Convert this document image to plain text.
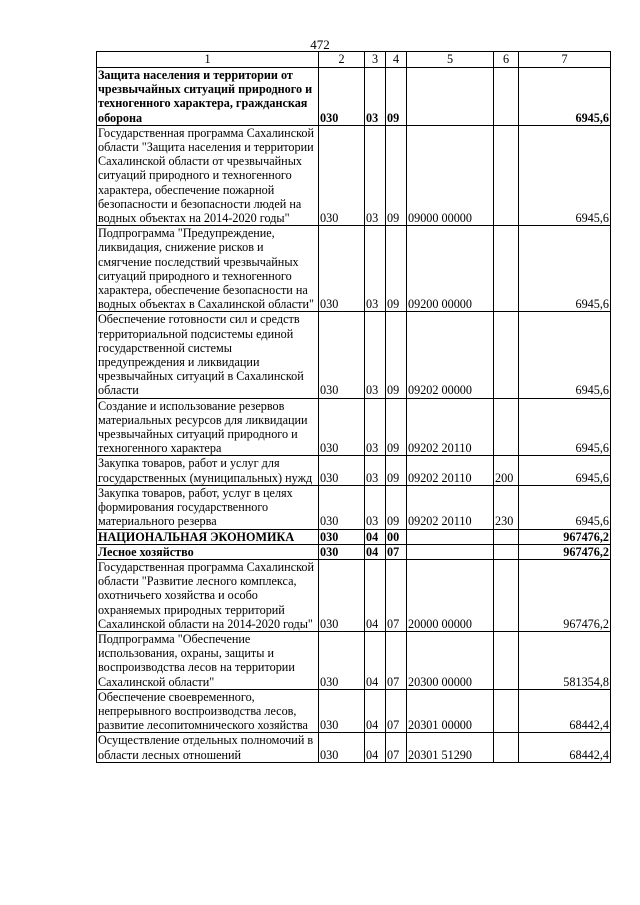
472
1	2	3	4	5	6	7
Защита населения и территории от чрезвычайных ситуаций природного и техногенного характера, гражданская оборона	030	03	09			6945,6
Государственная программа Сахалинской области "Защита населения и территории Сахалинской области от чрезвычайных ситуаций природного и техногенного характера, обеспечение пожарной безопасности и безопасности людей на водных объектах на 2014-2020 годы"	030	03	09	09000 00000		6945,6
Подпрограмма "Предупреждение, ликвидация, снижение рисков и смягчение последствий чрезвычайных ситуаций природного и техногенного характера, обеспечение безопасности на водных объектах в Сахалинской области"	030	03	09	09200 00000		6945,6
Обеспечение готовности сил и средств территориальной подсистемы единой государственной системы предупреждения и ликвидации чрезвычайных ситуаций в Сахалинской области	030	03	09	09202 00000		6945,6
Создание и использование резервов материальных ресурсов для ликвидации чрезвычайных ситуаций природного и техногенного характера	030	03	09	09202 20110		6945,6
Закупка товаров, работ и услуг для государственных (муниципальных) нужд	030	03	09	09202 20110	200	6945,6
Закупка товаров, работ, услуг в целях формирования государственного материального резерва	030	03	09	09202 20110	230	6945,6
НАЦИОНАЛЬНАЯ ЭКОНОМИКА	030	04	00			967476,2
Лесное хозяйство	030	04	07			967476,2
Государственная программа Сахалинской области "Развитие лесного комплекса, охотничьего хозяйства и особо охраняемых природных территорий Сахалинской области на 2014-2020 годы"	030	04	07	20000 00000		967476,2
Подпрограмма "Обеспечение использования, охраны, защиты и воспроизводства лесов на территории Сахалинской области"	030	04	07	20300 00000		581354,8
Обеспечение своевременного, непрерывного воспроизводства лесов, развитие лесопитомнического хозяйства	030	04	07	20301 00000		68442,4
Осуществление отдельных полномочий в области лесных отношений	030	04	07	20301 51290		68442,4
